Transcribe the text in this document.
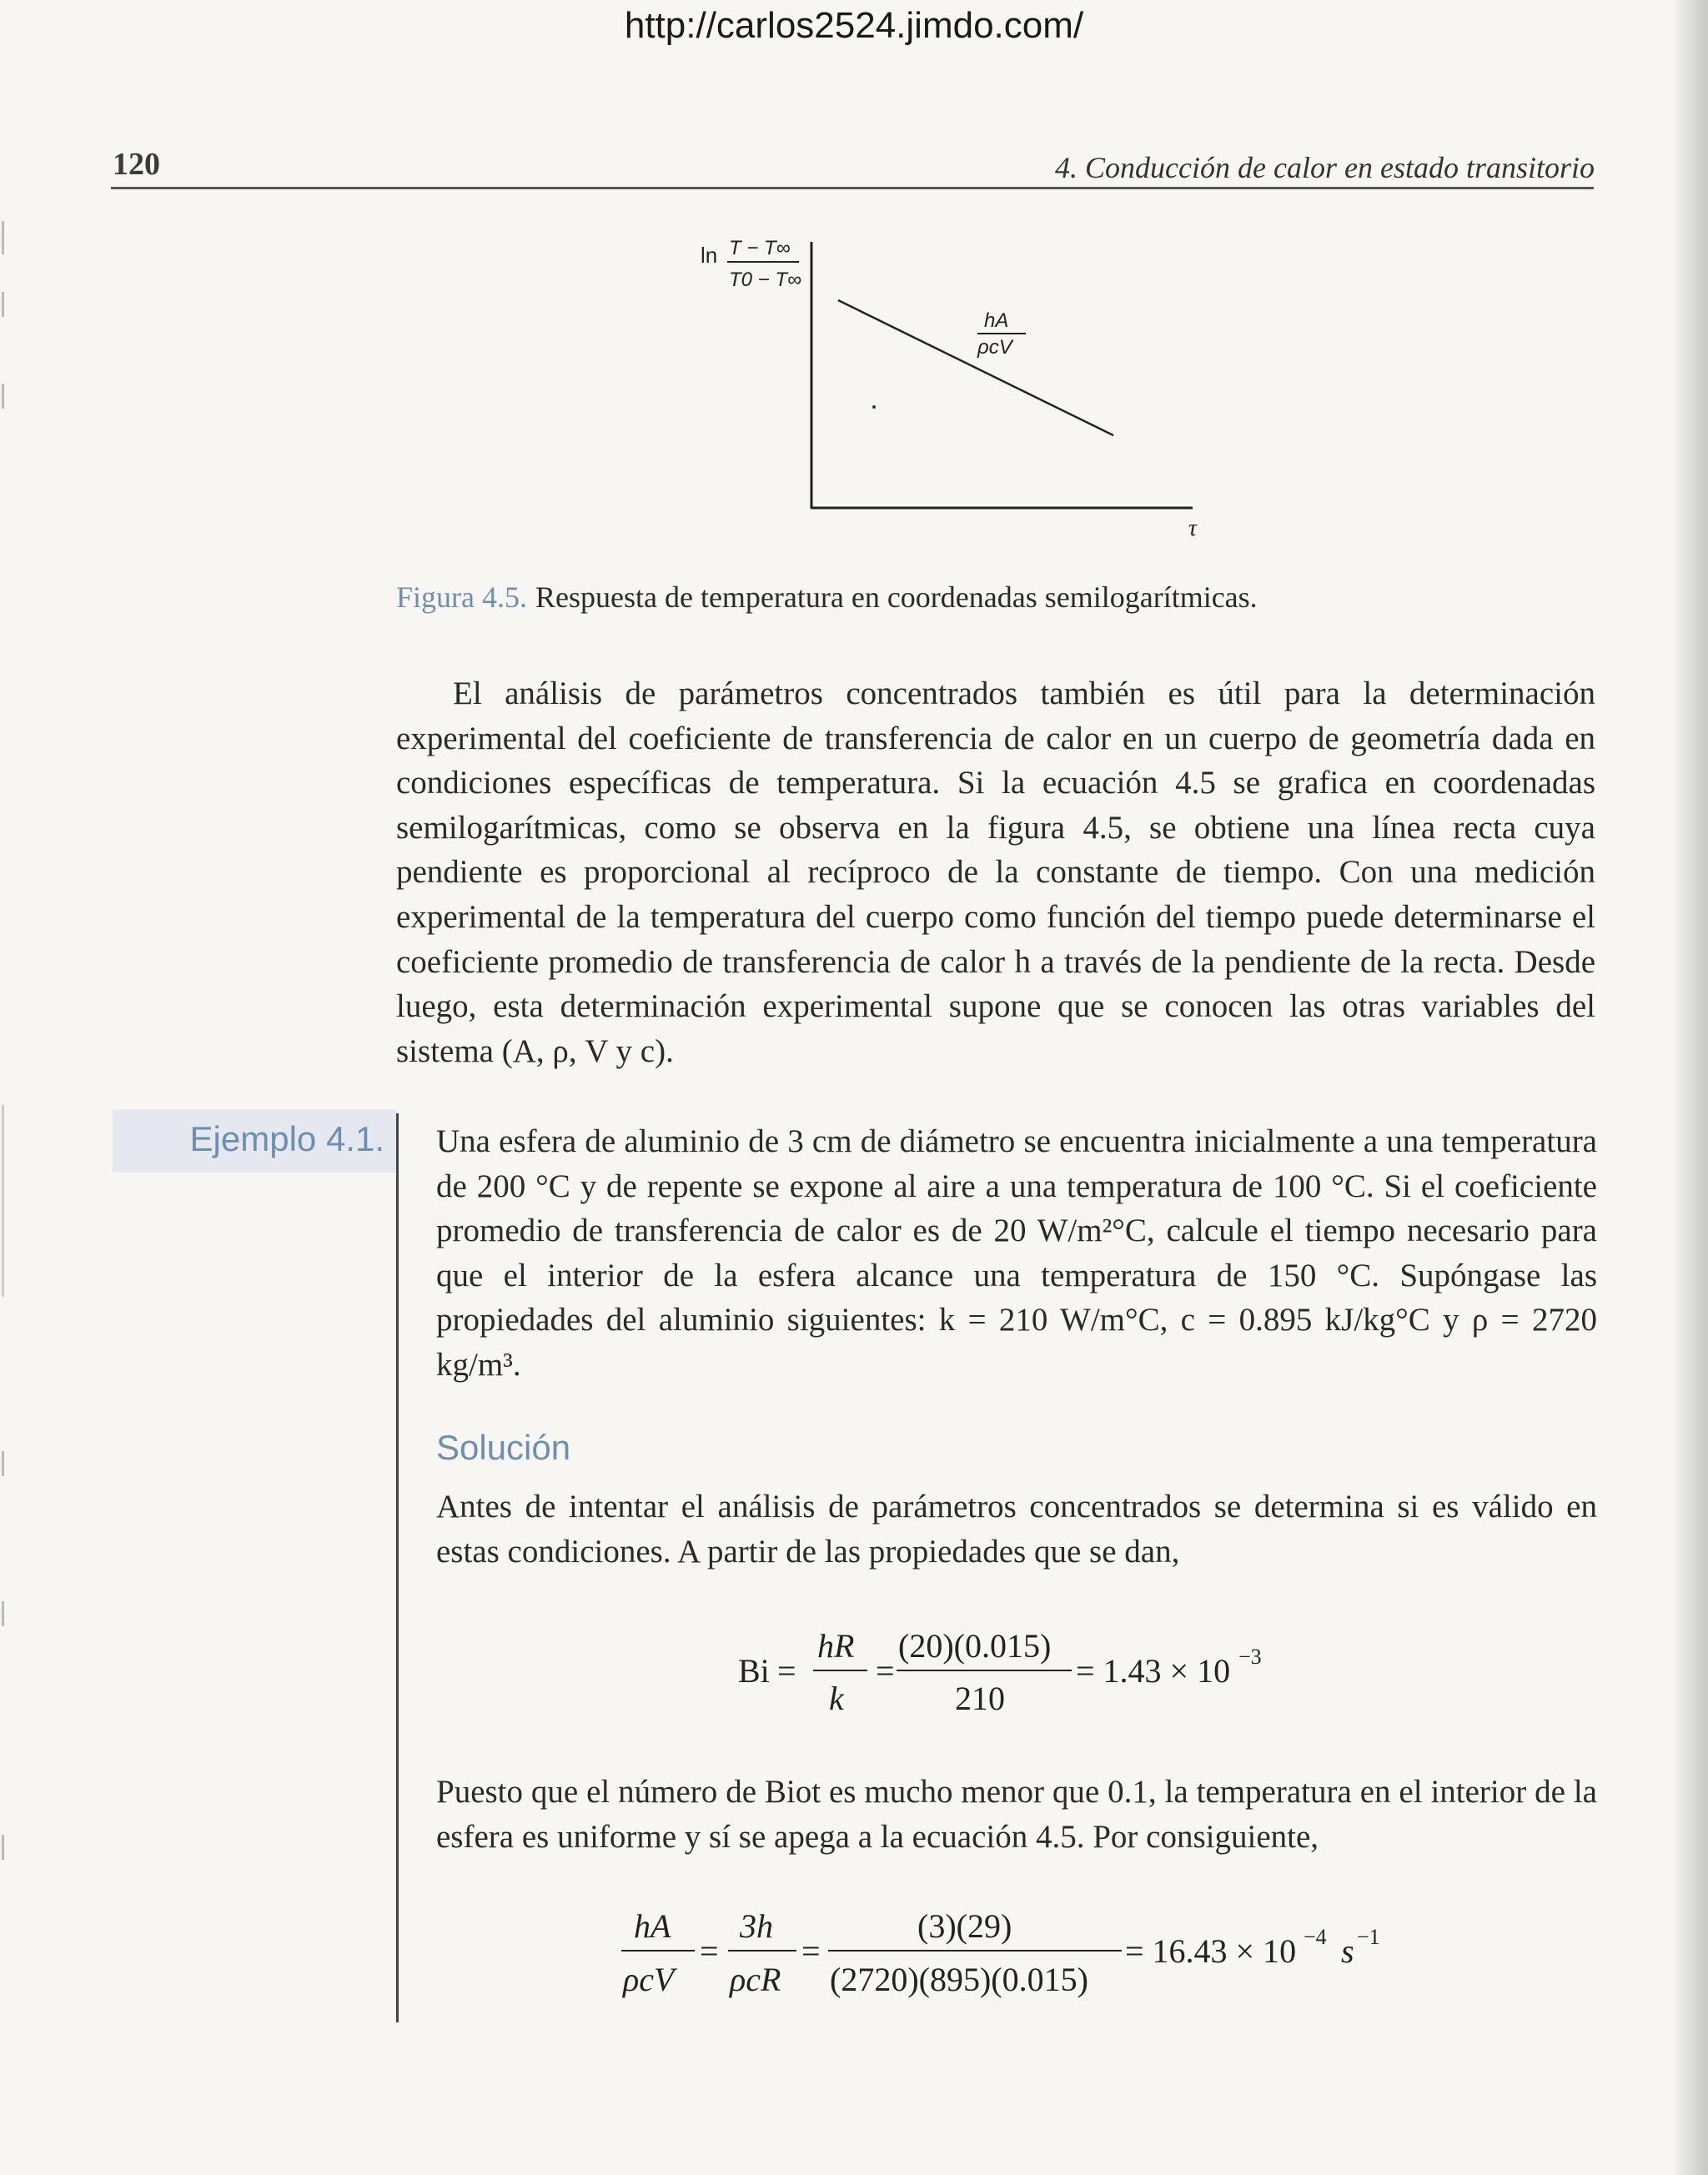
http://carlos2524.jimdo.com/
120	4. Conducción de calor en estado transitorio
ln T − T∞
T0 − T∞
hA
ρcV
τ
Figura 4.5. Respuesta de temperatura en coordenadas semilogarítmicas.

El análisis de parámetros concentrados también es útil para la determinación experimental del coeficiente de transferencia de calor en un cuerpo de geometría dada en condiciones específicas de temperatura. Si la ecuación 4.5 se grafica en coordenadas semilogarítmicas, como se observa en la figura 4.5, se obtiene una línea recta cuya pendiente es proporcional al recíproco de la constante de tiempo. Con una medición experimental de la temperatura del cuerpo como función del tiempo puede determinarse el coeficiente promedio de transferencia de calor h a través de la pendiente de la recta. Desde luego, esta determinación experimental supone que se conocen las otras variables del sistema (A, ρ, V y c).

Ejemplo 4.1. Una esfera de aluminio de 3 cm de diámetro se encuentra inicialmente a una temperatura de 200 °C y de repente se expone al aire a una temperatura de 100 °C. Si el coeficiente promedio de transferencia de calor es de 20 W/m²°C, calcule el tiempo necesario para que el interior de la esfera alcance una temperatura de 150 °C. Supóngase las propiedades del aluminio siguientes: k = 210 W/m°C, c = 0.895 kJ/kg°C y ρ = 2720 kg/m³.

Solución

Antes de intentar el análisis de parámetros concentrados se determina si es válido en estas condiciones. A partir de las propiedades que se dan,

Bi =
hR
k
=
(20)(0.015)
210
= 1.43 × 10 −3

Puesto que el número de Biot es mucho menor que 0.1, la temperatura en el interior de la esfera es uniforme y sí se apega a la ecuación 4.5. Por consiguiente,

hA
ρcV
=
3h
ρcR
=
(3)(29)
(2720)(895)(0.015)
= 16.43 × 10 −4 s −1
